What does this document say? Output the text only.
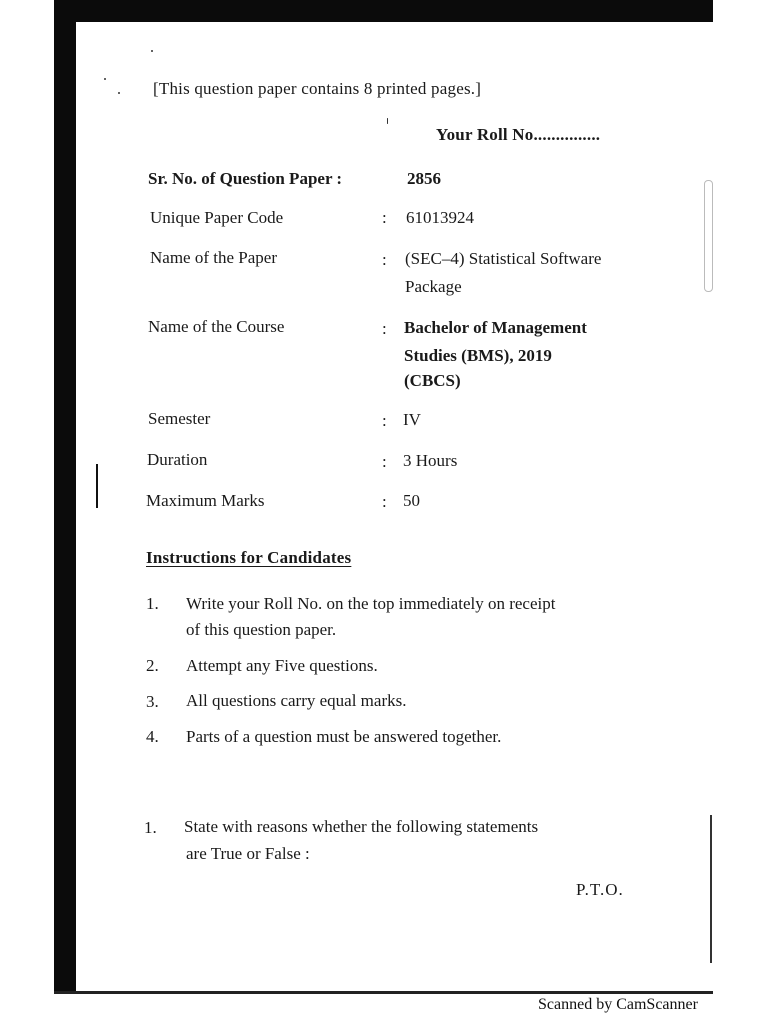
[This question paper contains 8 printed pages.]
Your Roll No...............
Sr. No. of Question Paper :	2856
Unique Paper Code	: 61013924
Name of the Paper	: (SEC–4) Statistical Software
Package
Name of the Course	: Bachelor of Management
Studies (BMS), 2019
(CBCS)
Semester	: IV
Duration	: 3 Hours
Maximum Marks	: 50
Instructions for Candidates
1. Write your Roll No. on the top immediately on receipt
of this question paper.
2. Attempt any Five questions.
3. All questions carry equal marks.
4. Parts of a question must be answered together.
1. State with reasons whether the following statements
are True or False :
P.T.O.
Scanned by CamScanner
